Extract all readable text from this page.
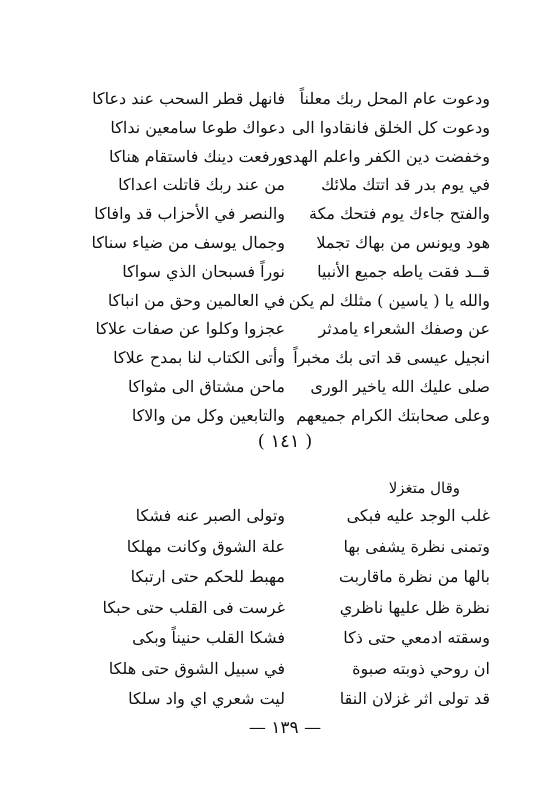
ودعوت عام المحل ربك معلناً
فانهل قطر السحب عند دعاكا
ودعوت كل الخلق فانقادوا الى
دعواك طوعا سامعين نداكا
وخفضت دين الكفر واعلم الهدى
ورفعت دينك فاستقام هناكا
في يوم بدر قد اتتك ملائك
من عند ربك قاتلت اعداكا
والفتح جاءك يوم فتحك مكة
والنصر في الأحزاب قد وافاكا
هود ويونس من بهاك تجملا
وجمال يوسف من ضياء سناكا
قــد فقت ياطه جميع الأنبيا
نوراً فسبحان الذي سواكا
والله يا ( ياسين ) مثلك لم يكن
في العالمين وحق من انباكا
عن وصفك الشعراء يامدثر
عجزوا وكلوا عن صفات علاكا
انجيل عيسى قد اتى بك مخبراً
وأتى الكتاب لنا بمدح علاكا
صلى عليك الله ياخير الورى
ماحن مشتاق الى مثواكا
وعلى صحابتك الكرام جميعهم
والتابعين وكل من والاكا
( ١٤١ )
وقال متغزلا
غلب الوجد عليه فبكى
وتولى الصبر عنه فشكا
وتمنى نظرة يشفى بها
علة الشوق وكانت مهلكا
بالها من نظرة ماقاربت
مهبط للحكم حتى ارتبكا
نظرة ظل عليها ناظري
غرست فى القلب حتى حبكا
وسقته ادمعي حتى ذكا
فشكا القلب حنيناً وبكى
ان روحي ذوبته صبوة
في سبيل الشوق حتى هلكا
قد تولى اثر غزلان النقا
ليت شعري اي واد سلكا
— ١٣٩ —
